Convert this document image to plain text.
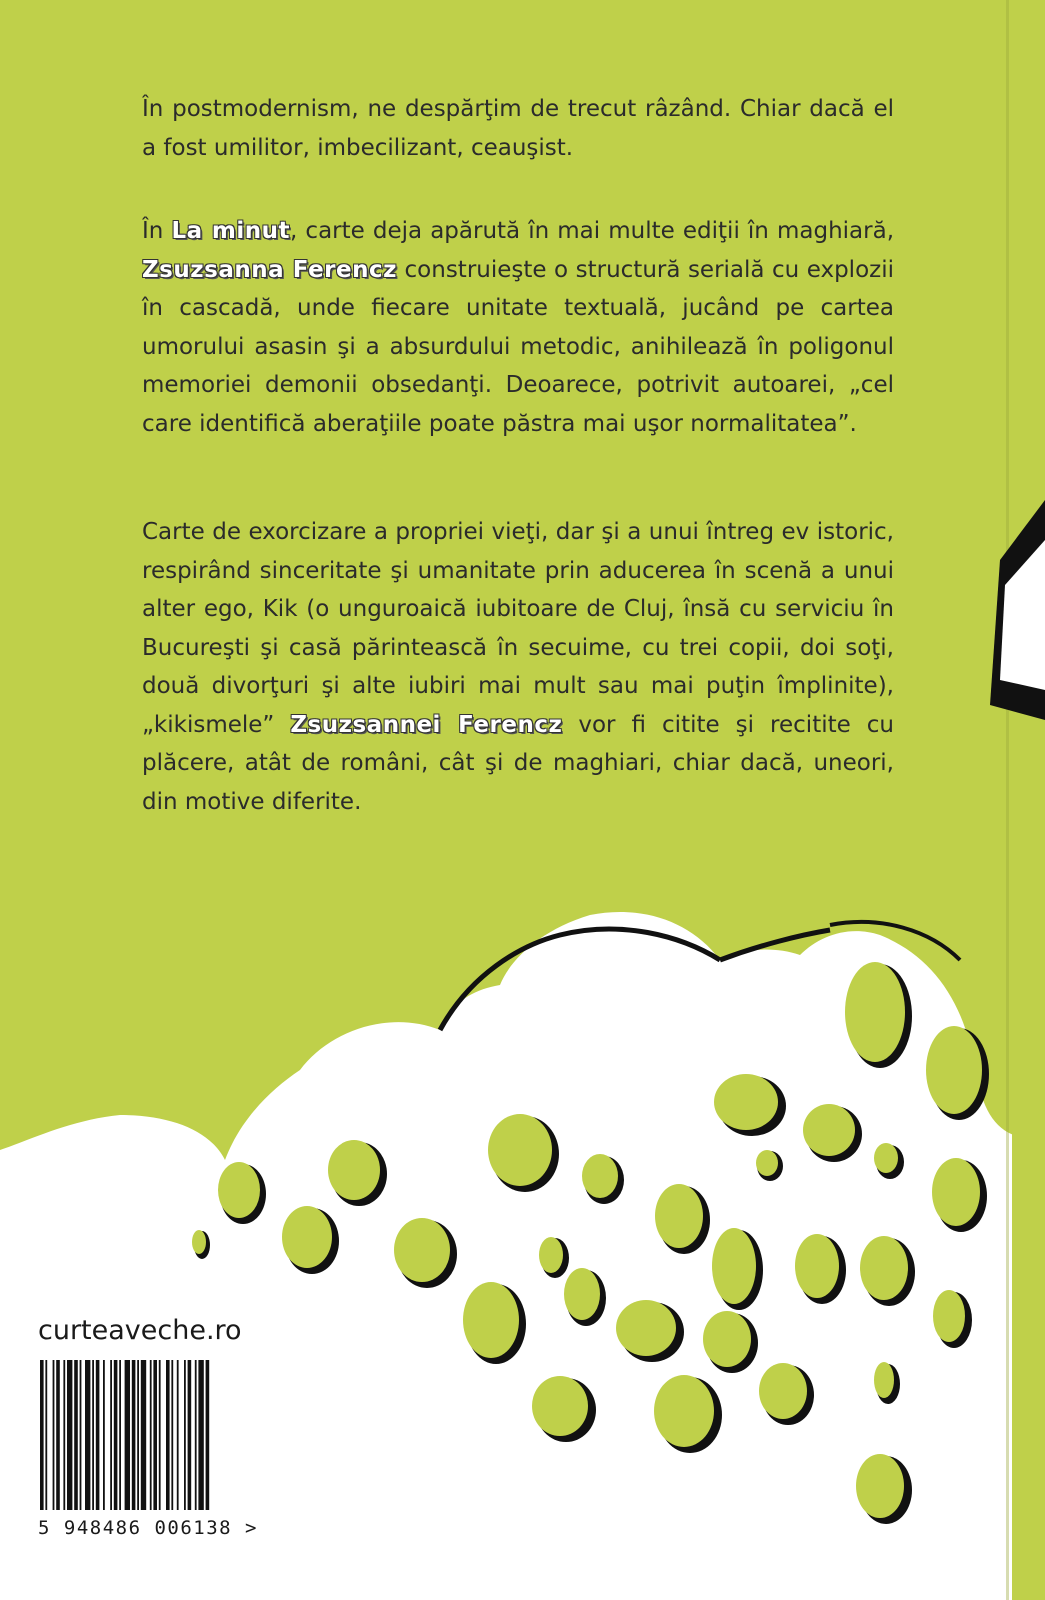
În postmodernism, ne despărţim de trecut râzând. Chiar dacă el a fost umilitor, imbecilizant, ceauşist.

În La minut, carte deja apărută în mai multe ediţii în maghiară, Zsuzsanna Ferencz construieşte o structură serială cu explozii în cascadă, unde fiecare unitate textuală, jucând pe cartea umorului asasin şi a absurdului metodic, anihilează în poligonul memoriei demonii obsedanţi. Deoarece, potrivit autoarei, „cel care identifică aberaţiile poate păstra mai uşor normalitatea”.

Carte de exorcizare a propriei vieţi, dar şi a unui întreg ev istoric, respirând sinceritate şi umanitate prin aducerea în scenă a unui alter ego, Kik (o unguroaică iubitoare de Cluj, însă cu serviciu în Bucureşti şi casă părintească în secuime, cu trei copii, doi soţi, două divorţuri şi alte iubiri mai mult sau mai puţin împlinite), „kikismele” Zsuzsannei Ferencz vor fi citite şi recitite cu plăcere, atât de români, cât şi de maghiari, chiar dacă, uneori, din motive diferite.

curteaveche.ro
5 948486 006138 >
